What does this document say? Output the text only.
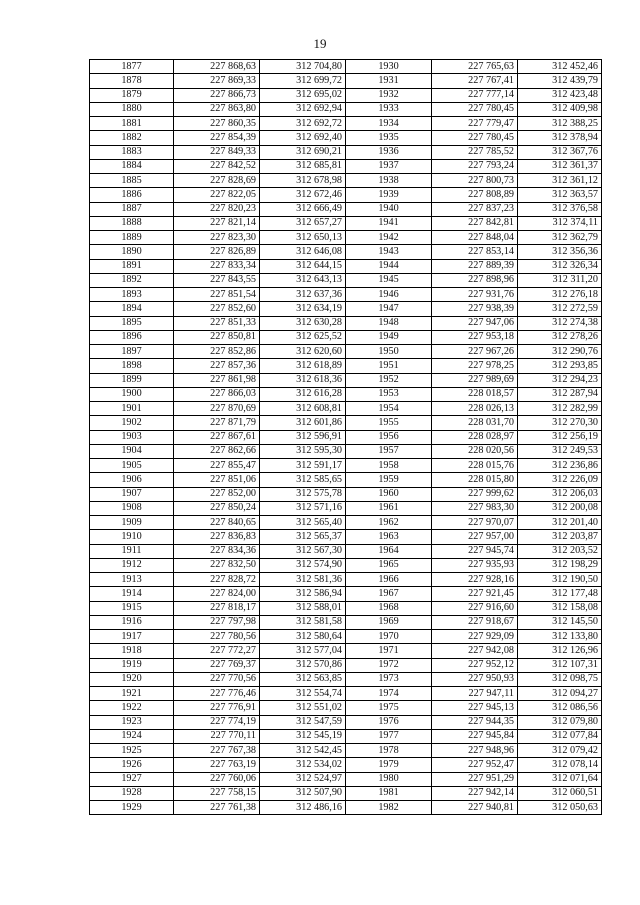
19
1877	227 868,63	312 704,80	1930	227 765,63	312 452,46
1878	227 869,33	312 699,72	1931	227 767,41	312 439,79
1879	227 866,73	312 695,02	1932	227 777,14	312 423,48
1880	227 863,80	312 692,94	1933	227 780,45	312 409,98
1881	227 860,35	312 692,72	1934	227 779,47	312 388,25
1882	227 854,39	312 692,40	1935	227 780,45	312 378,94
1883	227 849,33	312 690,21	1936	227 785,52	312 367,76
1884	227 842,52	312 685,81	1937	227 793,24	312 361,37
1885	227 828,69	312 678,98	1938	227 800,73	312 361,12
1886	227 822,05	312 672,46	1939	227 808,89	312 363,57
1887	227 820,23	312 666,49	1940	227 837,23	312 376,58
1888	227 821,14	312 657,27	1941	227 842,81	312 374,11
1889	227 823,30	312 650,13	1942	227 848,04	312 362,79
1890	227 826,89	312 646,08	1943	227 853,14	312 356,36
1891	227 833,34	312 644,15	1944	227 889,39	312 326,34
1892	227 843,55	312 643,13	1945	227 898,96	312 311,20
1893	227 851,54	312 637,36	1946	227 931,76	312 276,18
1894	227 852,60	312 634,19	1947	227 938,39	312 272,59
1895	227 851,33	312 630,28	1948	227 947,06	312 274,38
1896	227 850,81	312 625,52	1949	227 953,18	312 278,26
1897	227 852,86	312 620,60	1950	227 967,26	312 290,76
1898	227 857,36	312 618,89	1951	227 978,25	312 293,85
1899	227 861,98	312 618,36	1952	227 989,69	312 294,23
1900	227 866,03	312 616,28	1953	228 018,57	312 287,94
1901	227 870,69	312 608,81	1954	228 026,13	312 282,99
1902	227 871,79	312 601,86	1955	228 031,70	312 270,30
1903	227 867,61	312 596,91	1956	228 028,97	312 256,19
1904	227 862,66	312 595,30	1957	228 020,56	312 249,53
1905	227 855,47	312 591,17	1958	228 015,76	312 236,86
1906	227 851,06	312 585,65	1959	228 015,80	312 226,09
1907	227 852,00	312 575,78	1960	227 999,62	312 206,03
1908	227 850,24	312 571,16	1961	227 983,30	312 200,08
1909	227 840,65	312 565,40	1962	227 970,07	312 201,40
1910	227 836,83	312 565,37	1963	227 957,00	312 203,87
1911	227 834,36	312 567,30	1964	227 945,74	312 203,52
1912	227 832,50	312 574,90	1965	227 935,93	312 198,29
1913	227 828,72	312 581,36	1966	227 928,16	312 190,50
1914	227 824,00	312 586,94	1967	227 921,45	312 177,48
1915	227 818,17	312 588,01	1968	227 916,60	312 158,08
1916	227 797,98	312 581,58	1969	227 918,67	312 145,50
1917	227 780,56	312 580,64	1970	227 929,09	312 133,80
1918	227 772,27	312 577,04	1971	227 942,08	312 126,96
1919	227 769,37	312 570,86	1972	227 952,12	312 107,31
1920	227 770,56	312 563,85	1973	227 950,93	312 098,75
1921	227 776,46	312 554,74	1974	227 947,11	312 094,27
1922	227 776,91	312 551,02	1975	227 945,13	312 086,56
1923	227 774,19	312 547,59	1976	227 944,35	312 079,80
1924	227 770,11	312 545,19	1977	227 945,84	312 077,84
1925	227 767,38	312 542,45	1978	227 948,96	312 079,42
1926	227 763,19	312 534,02	1979	227 952,47	312 078,14
1927	227 760,06	312 524,97	1980	227 951,29	312 071,64
1928	227 758,15	312 507,90	1981	227 942,14	312 060,51
1929	227 761,38	312 486,16	1982	227 940,81	312 050,63
